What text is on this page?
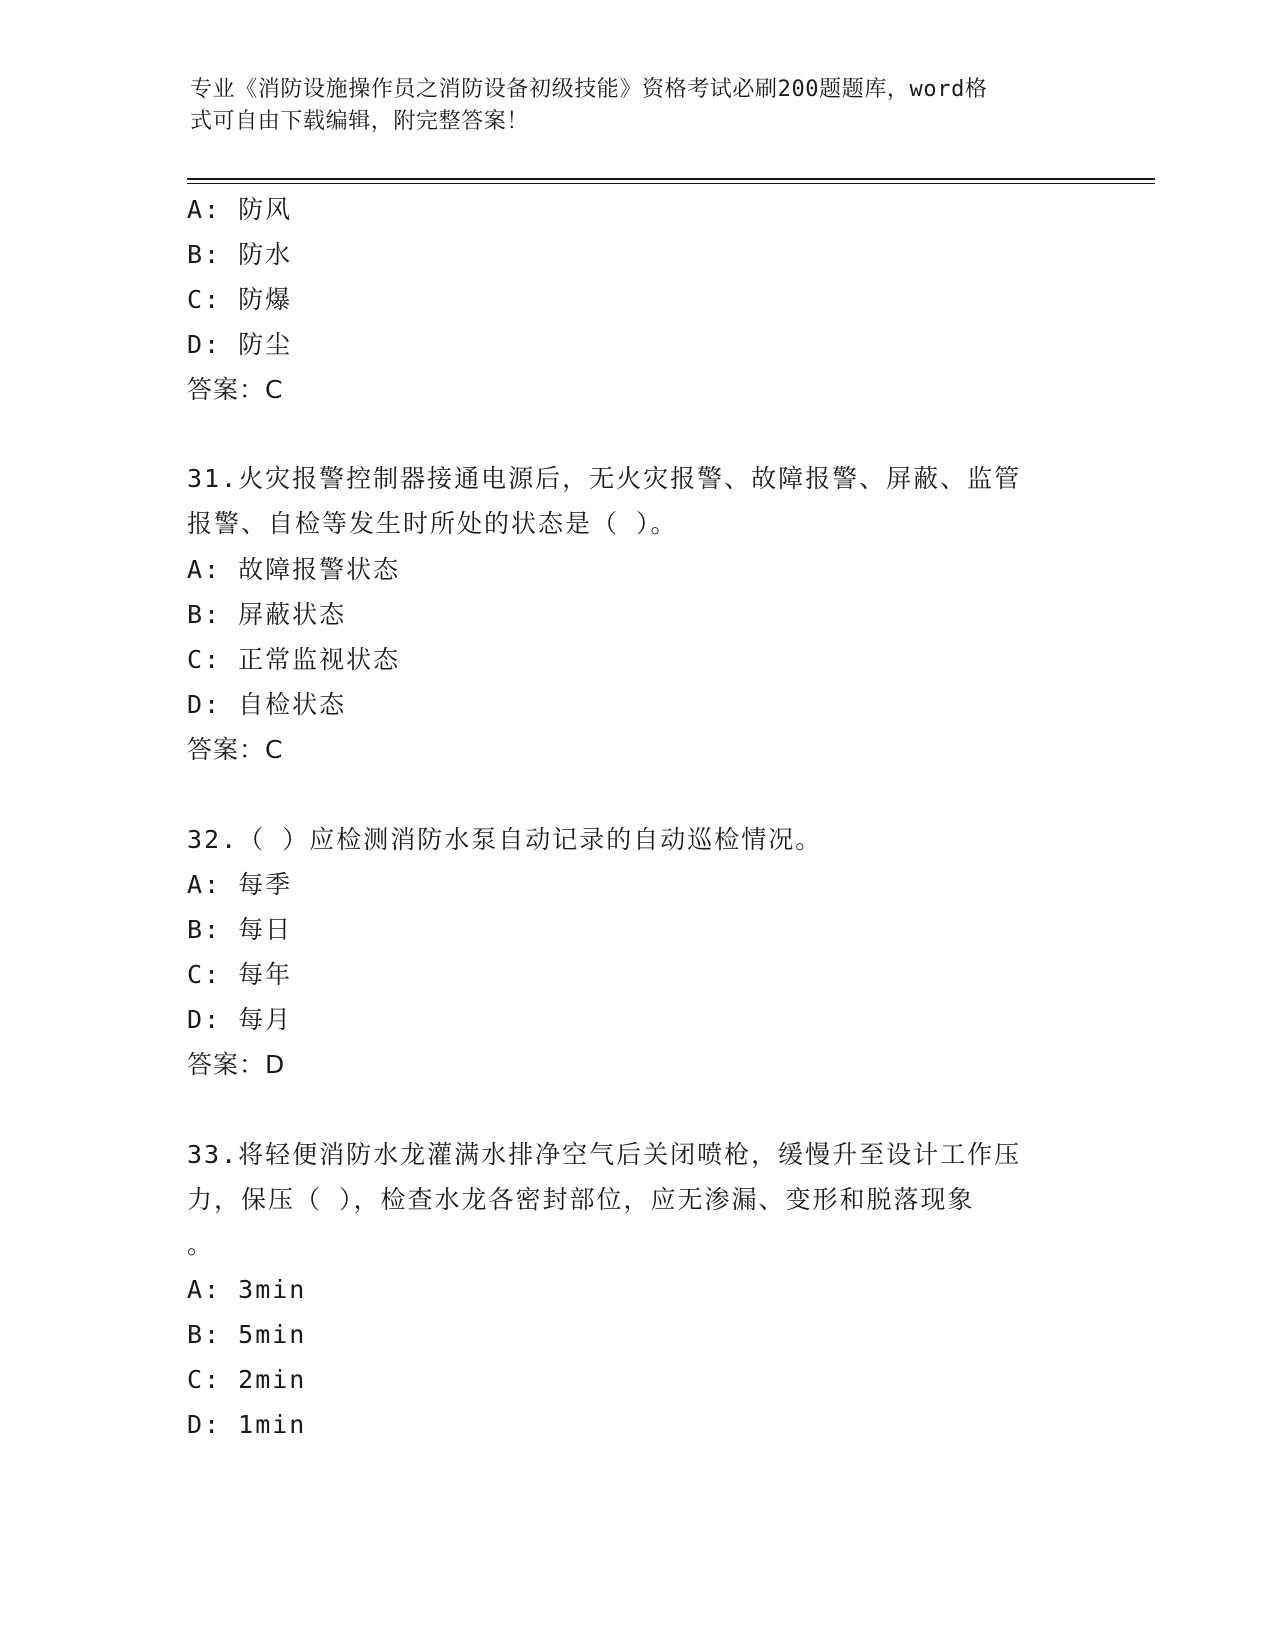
专业《消防设施操作员之消防设备初级技能》资格考试必刷200题题库，word格
式可自由下载编辑，附完整答案！
A: 防风
B: 防水
C: 防爆
D: 防尘
答案：C
31.火灾报警控制器接通电源后，无火灾报警、故障报警、屏蔽、监管
报警、自检等发生时所处的状态是（ ）。
A: 故障报警状态
B: 屏蔽状态
C: 正常监视状态
D: 自检状态
答案：C
32.（ ）应检测消防水泵自动记录的自动巡检情况。
A: 每季
B: 每日
C: 每年
D: 每月
答案：D
33.将轻便消防水龙灌满水排净空气后关闭喷枪，缓慢升至设计工作压
力，保压（ ），检查水龙各密封部位，应无渗漏、变形和脱落现象
。
A: 3min
B: 5min
C: 2min
D: 1min
